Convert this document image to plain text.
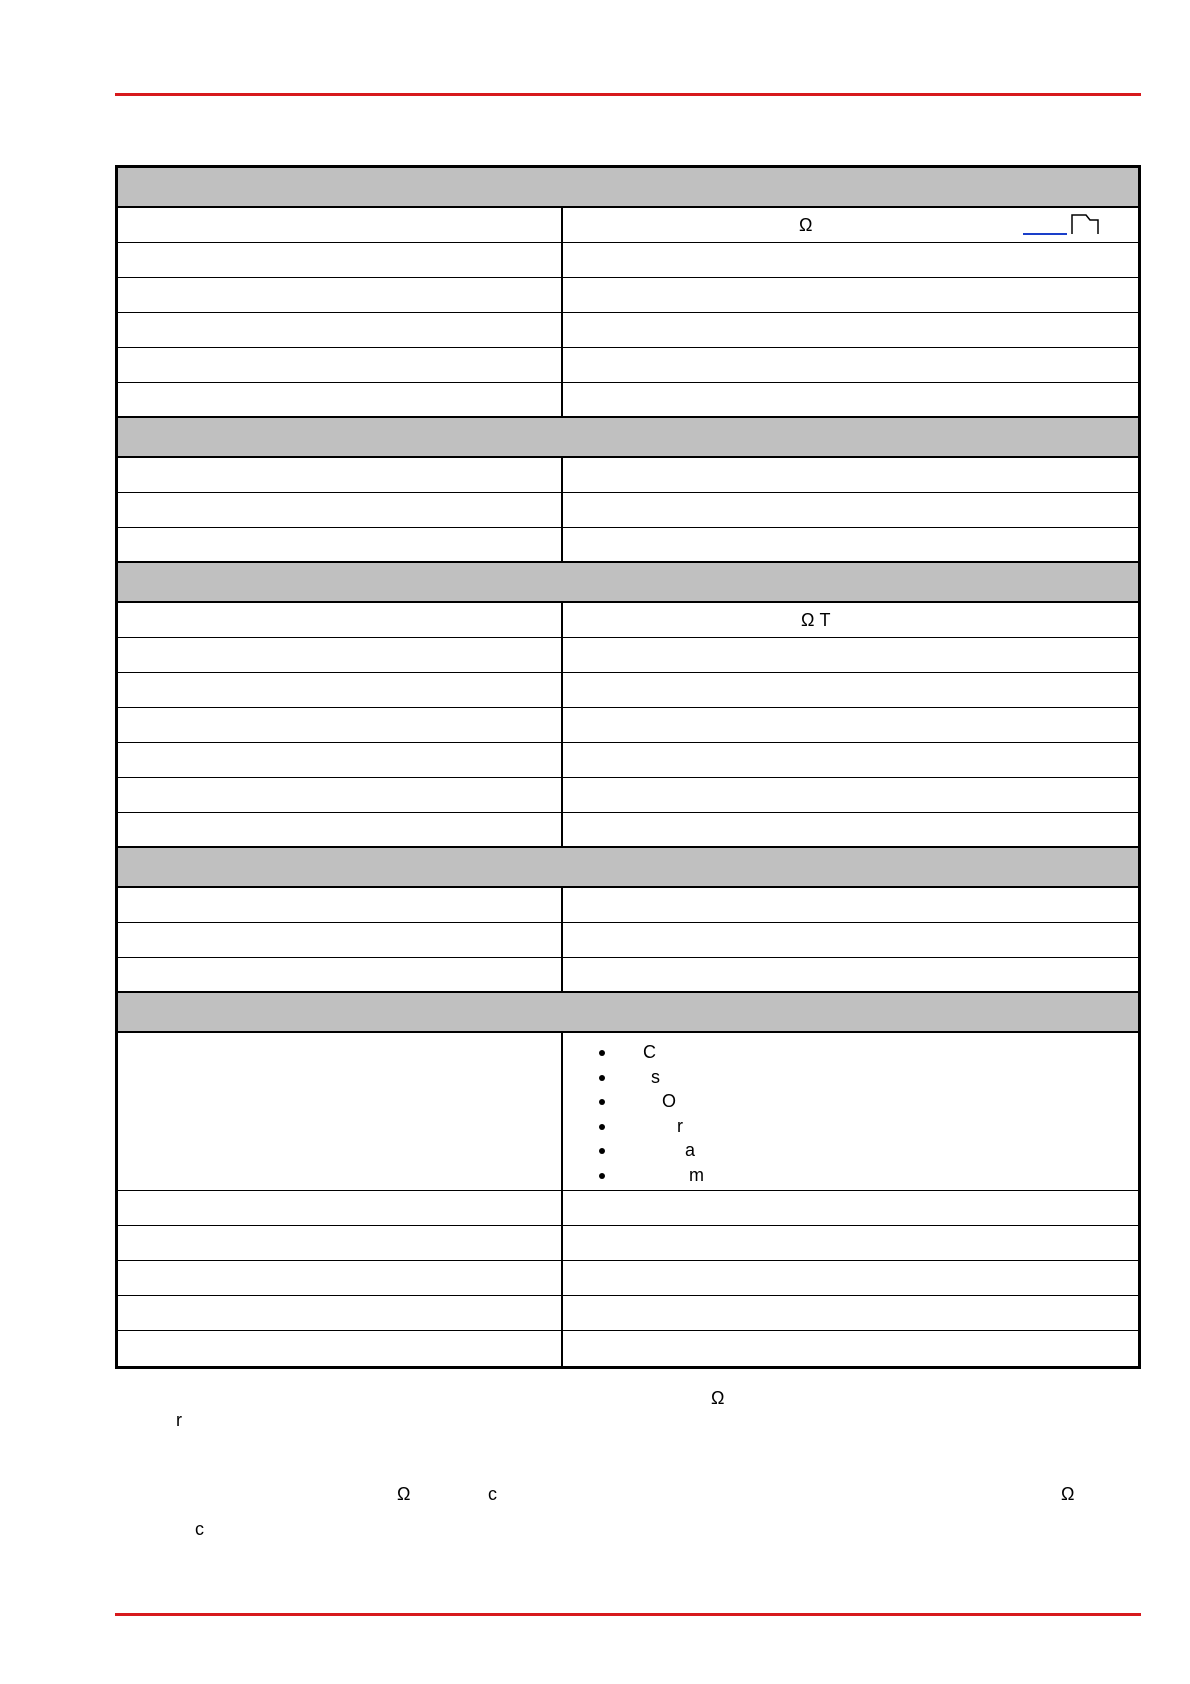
Ω
Ω T
C
s
O
r
a
m
Ω
r
Ω	c	Ω
c
